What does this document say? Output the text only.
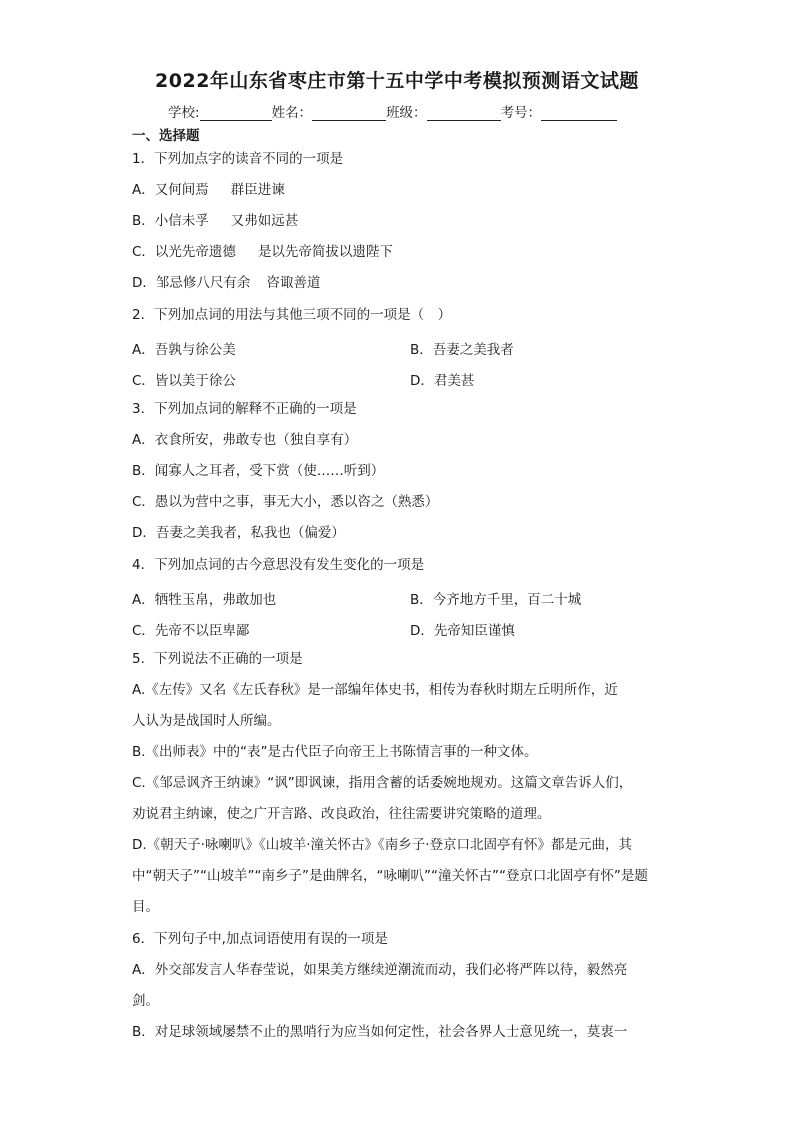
2022年山东省枣庄市第十五中学中考模拟预测语文试题
学校:	姓名：	班级：	考号：
一、选择题
1．下列加点字的读音不同的一项是
A．又何间焉 群臣进谏
B．小信未孚 又弗如远甚
C．以光先帝遗德 是以先帝简拔以遗陛下
D．邹忌修八尺有余 咨诹善道
2．下列加点词的用法与其他三项不同的一项是（　）
A．吾孰与徐公美	B．吾妻之美我者
C．皆以美于徐公	D．君美甚
3．下列加点词的解释不正确的一项是
A．衣食所安，弗敢专也（独自享有）
B．闻寡人之耳者，受下赏（使……听到）
C．愚以为营中之事，事无大小，悉以咨之（熟悉）
D．吾妻之美我者，私我也（偏爱）
4．下列加点词的古今意思没有发生变化的一项是
A．牺牲玉帛，弗敢加也	B．今齐地方千里，百二十城
C．先帝不以臣卑鄙	D．先帝知臣谨慎
5．下列说法不正确的一项是
A.《左传》又名《左氏春秋》是一部编年体史书，相传为春秋时期左丘明所作，近
人认为是战国时人所编。
B.《出师表》中的“表”是古代臣子向帝王上书陈情言事的一种文体。
C.《邹忌讽齐王纳谏》“讽”即讽谏，指用含蓄的话委婉地规劝。这篇文章告诉人们，
劝说君主纳谏，使之广开言路、改良政治，往往需要讲究策略的道理。
D.《朝天子·咏喇叭》《山坡羊·潼关怀古》《南乡子·登京口北固亭有怀》都是元曲，其
中“朝天子”“山坡羊”“南乡子”是曲牌名，“咏喇叭”“潼关怀古”“登京口北固亭有怀”是题
目。
6．下列句子中,加点词语使用有误的一项是
A．外交部发言人华春莹说，如果美方继续逆潮流而动，我们必将严阵以待，毅然亮
剑。
B．对足球领域屡禁不止的黑哨行为应当如何定性，社会各界人士意见统一，莫衷一
